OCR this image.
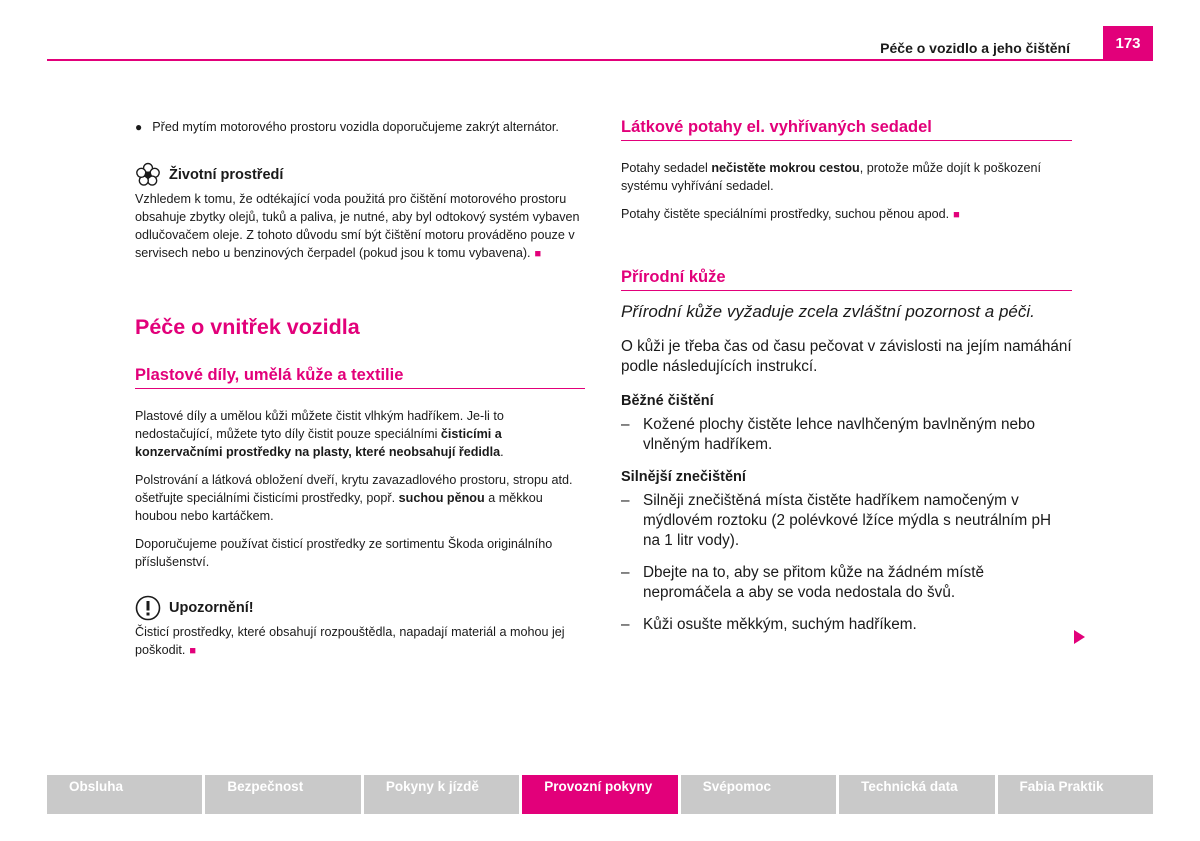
Péče o vozidlo a jeho čištění	173

● Před mytím motorového prostoru vozidla doporučujeme zakrýt alternátor.

Životní prostředí

Vzhledem k tomu, že odtékající voda použitá pro čištění motorového prostoru obsahuje zbytky olejů, tuků a paliva, je nutné, aby byl odtokový systém vybaven odlučovačem oleje. Z tohoto důvodu smí být čištění motoru prováděno pouze v servisech nebo u benzinových čerpadel (pokud jsou k tomu vybavena). ■

Péče o vnitřek vozidla
Plastové díly, umělá kůže a textilie

Plastové díly a umělou kůži můžete čistit vlhkým hadříkem. Je-li to nedostačující, můžete tyto díly čistit pouze speciálními čisticími a konzervačními prostředky na plasty, které neobsahují ředidla.

Polstrování a látková obložení dveří, krytu zavazadlového prostoru, stropu atd. ošetřujte speciálními čisticími prostředky, popř. suchou pěnou a měkkou houbou nebo kartáčkem.

Doporučujeme používat čisticí prostředky ze sortimentu Škoda originálního příslušenství.

Upozornění!

Čisticí prostředky, které obsahují rozpouštědla, napadají materiál a mohou jej poškodit. ■

Látkové potahy el. vyhřívaných sedadel

Potahy sedadel nečistěte mokrou cestou, protože může dojít k poškození systému vyhřívání sedadel.

Potahy čistěte speciálními prostředky, suchou pěnou apod. ■

Přírodní kůže

Přírodní kůže vyžaduje zcela zvláštní pozornost a péči.

O kůži je třeba čas od času pečovat v závislosti na jejím namáhání podle následujících instrukcí.

Běžné čištění
– Kožené plochy čistěte lehce navlhčeným bavlněným nebo vlněným hadříkem.
Silnější znečištění
– Silněji znečištěná místa čistěte hadříkem namočeným v mýdlovém roztoku (2 polévkové lžíce mýdla s neutrálním pH na 1 litr vody).
– Dbejte na to, aby se přitom kůže na žádném místě nepromáčela a aby se voda nedostala do švů.
– Kůži osušte měkkým, suchým hadříkem.
Obsluha	Bezpečnost	Pokyny k jízdě	Provozní pokyny	Svépomoc	Technická data	Fabia Praktik
